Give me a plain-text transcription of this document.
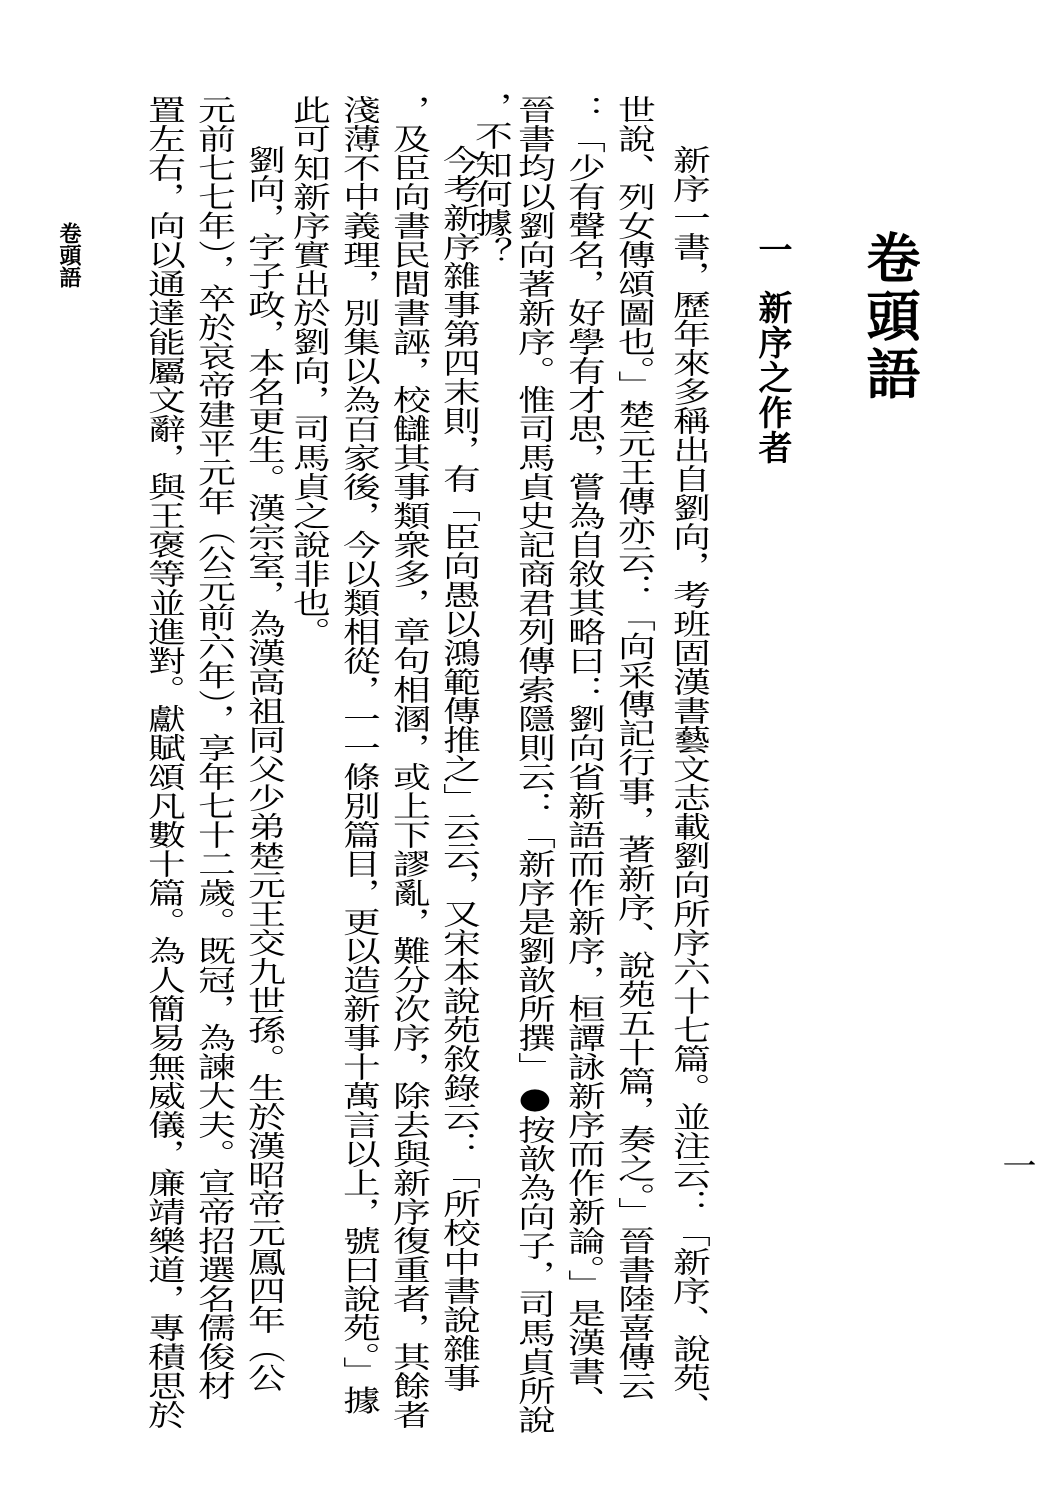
卷頭語
一
新序之作者
新序一書，歷年來多稱出自劉向，考班固漢書藝文志載劉向所序六十七篇。並注云：「新序、說苑、
世說、列女傳頌圖也。」楚元王傳亦云：「向采傳記行事，著新序、說苑五十篇，奏之。」晉書陸喜傳云
：「少有聲名，好學有才思，嘗為自敘其略曰：劉向省新語而作新序，桓譚詠新序而作新論。」是漢書、
晉書均以劉向著新序。惟司馬貞史記商君列傳索隱則云：「新序是劉歆所撰」●按歆為向子，司馬貞所說
，不知何據？
今考新序雜事第四末則，有「臣向愚以鴻範傳推之」云云，又宋本說苑敘錄云：「所校中書說雜事
，及臣向書民間書誣，校讎其事類衆多，章句相溷，或上下謬亂，難分次序，除去與新序復重者，其餘者
淺薄不中義理，別集以為百家後，今以類相從，一一條別篇目，更以造新事十萬言以上，號曰說苑。」據
此可知新序實出於劉向，司馬貞之說非也。
劉向，字子政，本名更生。漢宗室，為漢高祖同父少弟楚元王交九世孫。生於漢昭帝元鳳四年（公
元前七七年），卒於哀帝建平元年（公元前六年），享年七十二歲。既冠，為諫大夫。宣帝招選名儒俊材
置左右，向以通達能屬文辭，與王褒等並進對。獻賦頌凡數十篇。為人簡易無威儀，廉靖樂道，專積思於
卷頭語
一
